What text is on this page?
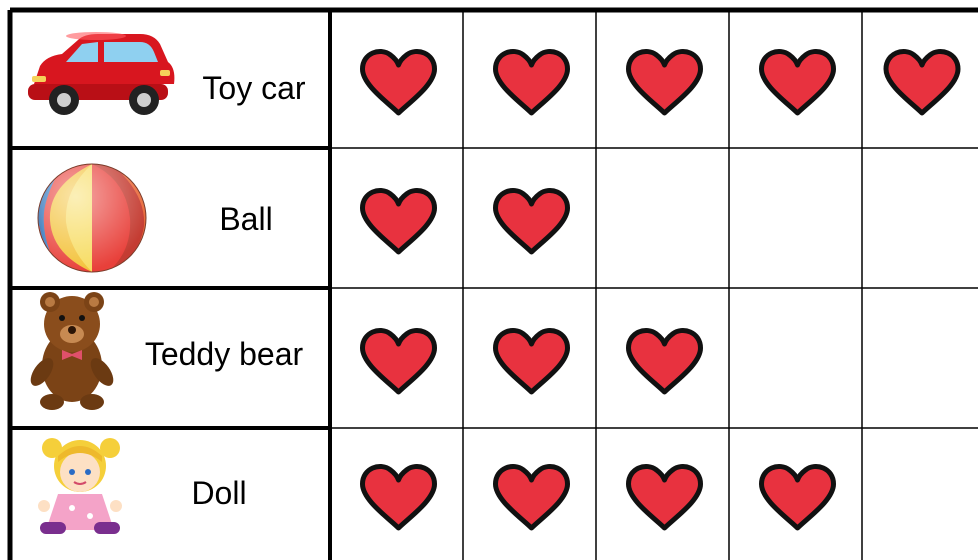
Toy car
Ball
Teddy bear
Doll
